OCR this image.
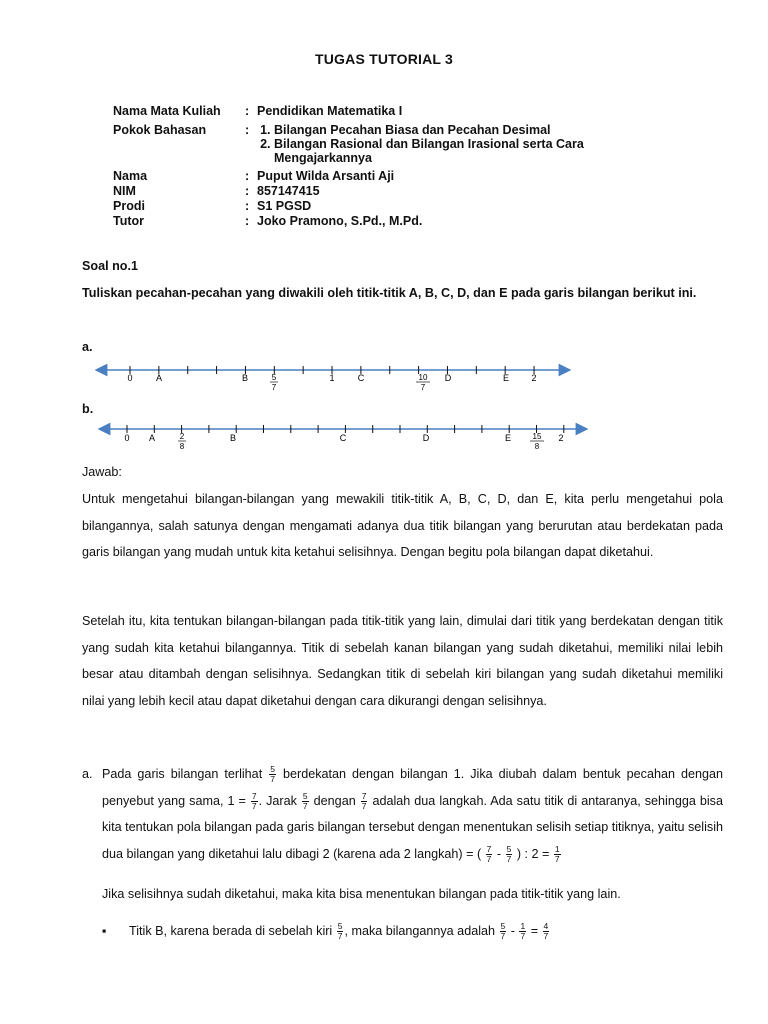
TUGAS TUTORIAL 3
Nama Mata Kuliah	: Pendidikan Matematika I
Pokok Bahasan	:
1.	Bilangan Pecahan Biasa dan Pecahan Desimal
2. Bilangan Rasional dan Bilangan Irasional serta Cara Mengajarkannya
Nama	: Puput Wilda Arsanti Aji
NIM	: 857147415
Prodi	: S1 PGSD
Tutor	: Joko Pramono, S.Pd., M.Pd.
Soal no.1
Tuliskan pecahan-pecahan yang diwakili oleh titik-titik A, B, C, D, dan E pada garis bilangan berikut ini.
a.
0	A	B	5
7
1	C	10
7
D	E 2
b.
0 A	2
8
B	C	D	E	15
8
2
Jawab:

Untuk mengetahui bilangan-bilangan yang mewakili titik-titik A, B, C, D, dan E, kita perlu mengetahui pola bilangannya, salah satunya dengan mengamati adanya dua titik bilangan yang berurutan atau berdekatan pada garis bilangan yang mudah untuk kita ketahui selisihnya. Dengan begitu pola bilangan dapat diketahui.

Setelah itu, kita tentukan bilangan-bilangan pada titik-titik yang lain, dimulai dari titik yang berdekatan dengan titik yang sudah kita ketahui bilangannya. Titik di sebelah kanan bilangan yang sudah diketahui, memiliki nilai lebih besar atau ditambah dengan selisihnya. Sedangkan titik di sebelah kiri bilangan yang sudah diketahui memiliki nilai yang lebih kecil atau dapat diketahui dengan cara dikurangi dengan selisihnya.

a. Pada garis bilangan terlihat $\frac{5}{7}$ berdekatan dengan bilangan 1. Jika diubah dalam bentuk pecahan dengan penyebut yang sama, $1 = \frac{7}{7}$ . Jarak $\frac{5}{7}$ dengan $\frac{7}{7}$ adalah dua langkah. Ada satu titik di antaranya, sehingga bisa kita tentukan pola bilangan pada garis bilangan tersebut dengan menentukan selisih setiap titiknya, yaitu selisih dua bilangan yang diketahui lalu dibagi 2 (karena ada 2 langkah) = ( $\frac{7}{7} - \frac{5}{7}$ ) : $2 = \frac{1}{7}$
Jika selisihnya sudah diketahui, maka kita bisa menentukan bilangan pada titik-titik yang lain.
▪	Titik B, karena berada di sebelah kiri $\frac{5}{7}$ , maka bilangannya adalah $\frac{5}{7} - \frac{1}{7} = \frac{4}{7}$
